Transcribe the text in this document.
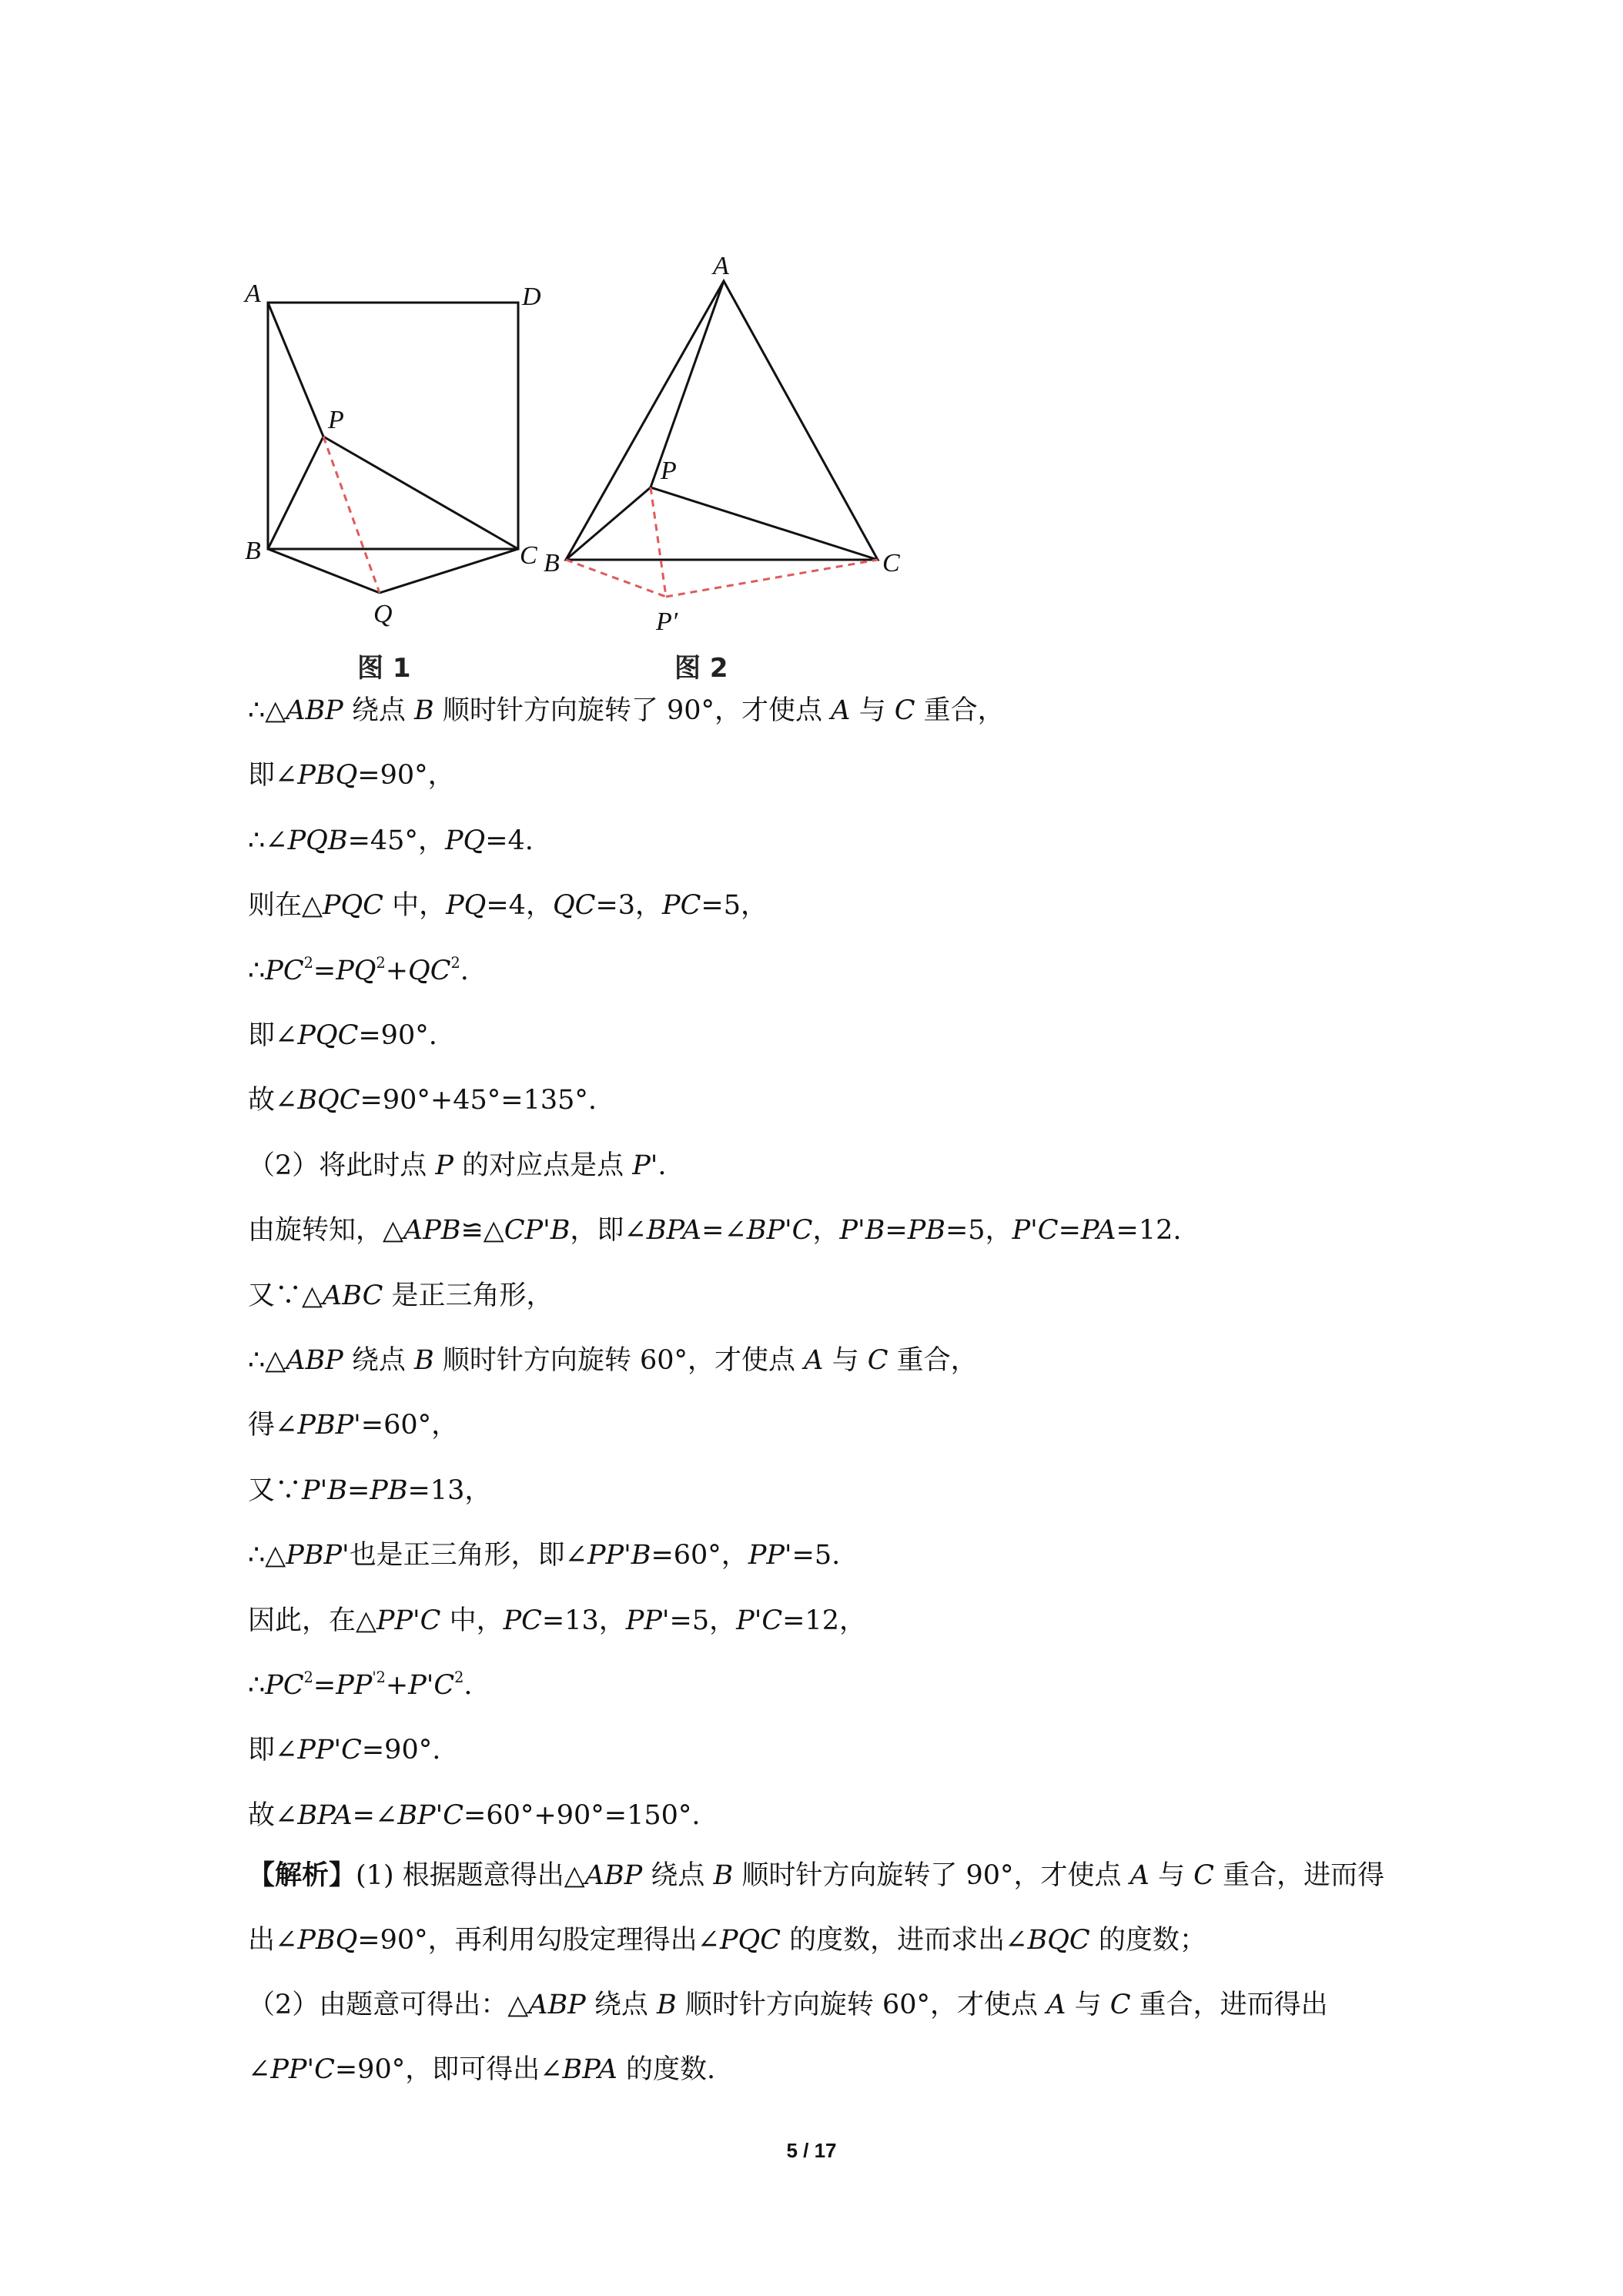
A	D
P
B	C
Q
A
P
B	C
P′
图 1	图 2
∴△ABP 绕点 B 顺时针方向旋转了 90°，才使点 A 与 C 重合，
即∠PBQ=90°，
∴∠PQB=45°，PQ=4.
则在△PQC 中，PQ=4，QC=3，PC=5，
$\therefore PC^2=PQ^2+QC^2$.
即∠PQC=90°.
故∠BQC=90°+45°=135°.
（2）将此时点 P 的对应点是点 P'.
由旋转知，△APB≌△CP'B，即∠BPA=∠BP'C，P'B=PB=5，P'C=PA=12.
又∵△ABC 是正三角形，
∴△ABP 绕点 B 顺时针方向旋转 60°，才使点 A 与 C 重合，
得∠PBP'=60°，
又∵P'B=PB=13，
∴△PBP'也是正三角形，即∠PP'B=60°，PP'=5.
因此，在△PP'C 中，PC=13，PP'=5，P'C=12，
$\therefore PC^2=PP^{'2}+P'C^2$.
即∠PP'C=90°.
故∠BPA=∠BP'C=60°+90°=150°.
【解析】(1) 根据题意得出△ABP 绕点 B 顺时针方向旋转了 90°，才使点 A 与 C 重合，进而得出∠PBQ=90°，再利用勾股定理得出∠PQC 的度数，进而求出∠BQC 的度数；
（2）由题意可得出：△ABP 绕点 B 顺时针方向旋转 60°，才使点 A 与 C 重合，进而得出∠PP'C=90°，即可得出∠BPA 的度数.
5 / 17
